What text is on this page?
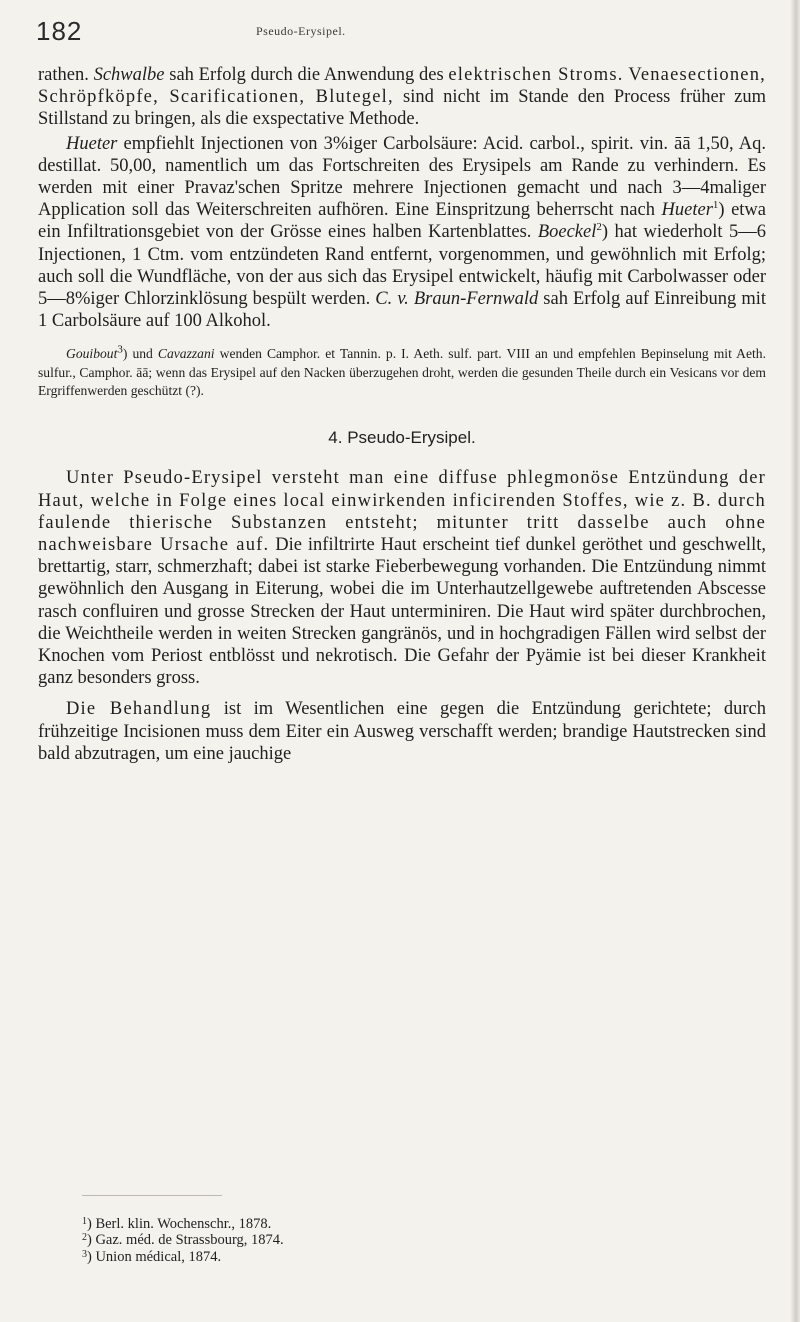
182	Pseudo-Erysipel.

rathen. Schwalbe sah Erfolg durch die Anwendung des elektrischen Stroms. Venaesectionen, Schröpfköpfe, Scarificationen, Blutegel, sind nicht im Stande den Process früher zum Stillstand zu bringen, als die exspectative Methode.

Hueter empfiehlt Injectionen von 3%iger Carbolsäure: Acid. carbol., spirit. vin. āā 1,50, Aq. destillat. 50,00, namentlich um das Fortschreiten des Erysipels am Rande zu verhindern. Es werden mit einer Pravaz'schen Spritze mehrere Injectionen gemacht und nach 3—4maliger Application soll das Weiterschreiten aufhören. Eine Einspritzung beherrscht nach Hueter$^1$) etwa ein Infiltrationsgebiet von der Grösse eines halben Kartenblattes. Boeckel$^2$) hat wiederholt 5—6 Injectionen, 1 Ctm. vom entzündeten Rand entfernt, vorgenommen, und gewöhnlich mit Erfolg; auch soll die Wundfläche, von der aus sich das Erysipel entwickelt, häufig mit Carbolwasser oder 5—8%iger Chlorzinklösung bespült werden. C. v. Braun-Fernwald sah Erfolg auf Einreibung mit 1 Carbolsäure auf 100 Alkohol.

Gouibout$^3$) und Cavazzani wenden Camphor. et Tannin. p. I. Aeth. sulf. part. VIII an und empfehlen Bepinselung mit Aeth. sulfur., Camphor. āā; wenn das Erysipel auf den Nacken überzugehen droht, werden die gesunden Theile durch ein Vesicans vor dem Ergriffenwerden geschützt (?).

4. Pseudo-Erysipel.

Unter Pseudo-Erysipel versteht man eine diffuse phlegmonöse Entzündung der Haut, welche in Folge eines local einwirkenden inficirenden Stoffes, wie z. B. durch faulende thierische Substanzen entsteht; mitunter tritt dasselbe auch ohne nachweisbare Ursache auf. Die infiltrirte Haut erscheint tief dunkel geröthet und geschwellt, brettartig, starr, schmerzhaft; dabei ist starke Fieberbewegung vorhanden. Die Entzündung nimmt gewöhnlich den Ausgang in Eiterung, wobei die im Unterhautzellgewebe auftretenden Abscesse rasch confluiren und grosse Strecken der Haut unterminiren. Die Haut wird später durchbrochen, die Weichtheile werden in weiten Strecken gangränös, und in hochgradigen Fällen wird selbst der Knochen vom Periost entblösst und nekrotisch. Die Gefahr der Pyämie ist bei dieser Krankheit ganz besonders gross.

Die Behandlung ist im Wesentlichen eine gegen die Entzündung gerichtete; durch frühzeitige Incisionen muss dem Eiter ein Ausweg verschafft werden; brandige Hautstrecken sind bald abzutragen, um eine jauchige

$^1$) Berl. klin. Wochenschr., 1878.
$^2$) Gaz. méd. de Strassbourg, 1874.
$^3$) Union médical, 1874.
